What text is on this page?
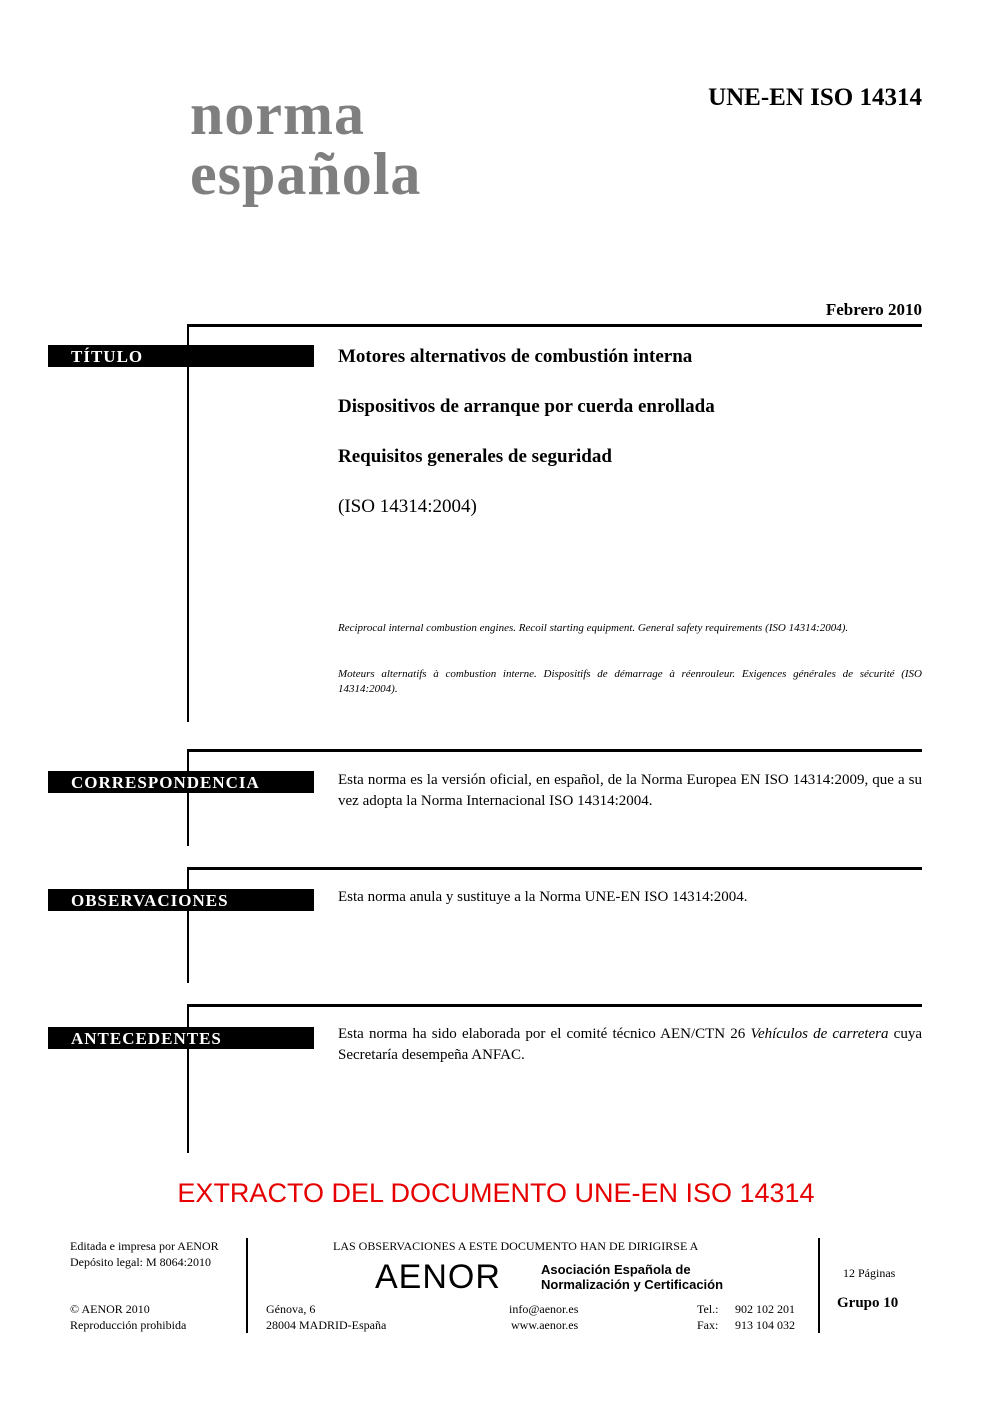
norma
española
UNE-EN ISO 14314
Febrero 2010
TÍTULO	Motores alternativos de combustión interna
Dispositivos de arranque por cuerda enrollada
Requisitos generales de seguridad
(ISO 14314:2004)
Reciprocal internal combustion engines. Recoil starting equipment. General safety requirements (ISO 14314:2004).
Moteurs alternatifs à combustion interne. Dispositifs de démarrage à réenrouleur. Exigences générales de sécurité (ISO 14314:2004).
CORRESPONDENCIA	Esta norma es la versión oficial, en español, de la Norma Europea EN ISO 14314:2009, que a su vez adopta la Norma Internacional ISO 14314:2004.
OBSERVACIONES	Esta norma anula y sustituye a la Norma UNE-EN ISO 14314:2004.
ANTECEDENTES	Esta norma ha sido elaborada por el comité técnico AEN/CTN 26 Vehículos de carretera cuya Secretaría desempeña ANFAC.
EXTRACTO DEL DOCUMENTO UNE-EN ISO 14314
Editada e impresa por AENOR
Depósito legal: M 8064:2010
© AENOR 2010
Reproducción prohibida
LAS OBSERVACIONES A ESTE DOCUMENTO HAN DE DIRIGIRSE A
AENOR	Asociación Española de
Normalización y Certificación
Génova, 6
28004 MADRID-España
info@aenor.es
www.aenor.es
Tel.: 902 102 201
Fax: 913 104 032
12 Páginas
Grupo 10
